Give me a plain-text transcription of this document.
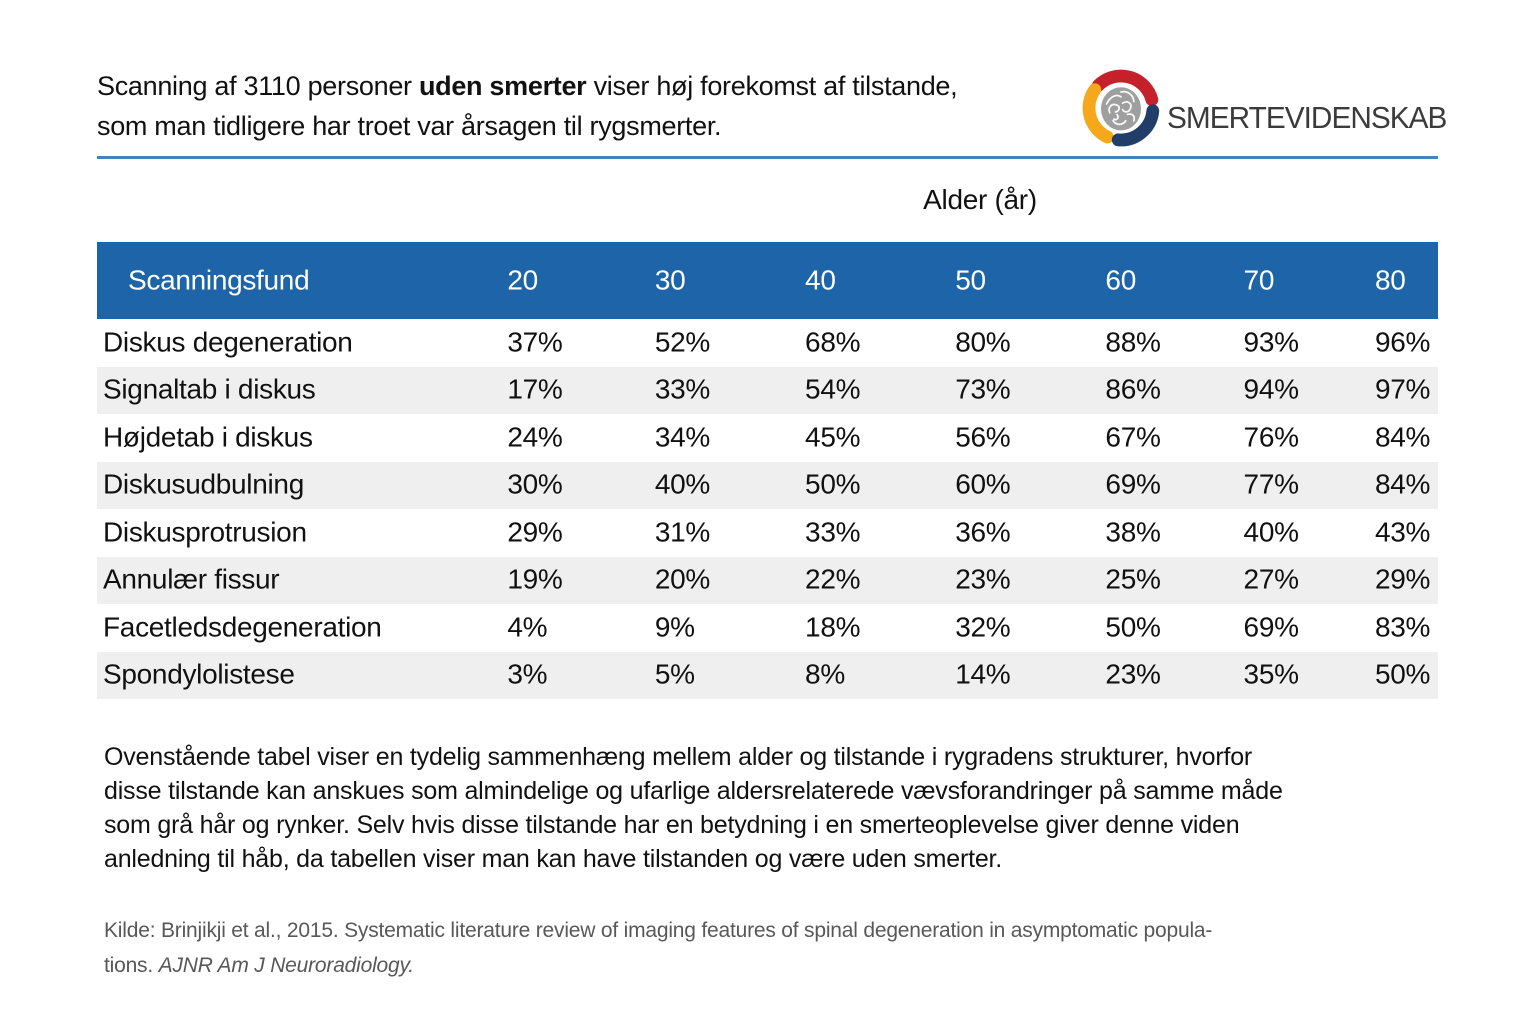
Scanning af 3110 personer uden smerter viser høj forekomst af tilstande,
som man tidligere har troet var årsagen til rygsmerter.	SMERTEVIDENSKAB
Alder (år)
Scanningsfund	20	30	40	50	60	70	80
Diskus degeneration	37%	52%	68%	80%	88%	93%	96%
Signaltab i diskus	17%	33%	54%	73%	86%	94%	97%
Højdetab i diskus	24%	34%	45%	56%	67%	76%	84%
Diskusudbulning	30%	40%	50%	60%	69%	77%	84%
Diskusprotrusion	29%	31%	33%	36%	38%	40%	43%
Annulær fissur	19%	20%	22%	23%	25%	27%	29%
Facetledsdegeneration	4%	9%	18%	32%	50%	69%	83%
Spondylolistese	3%	5%	8%	14%	23%	35%	50%
Ovenstående tabel viser en tydelig sammenhæng mellem alder og tilstande i rygradens strukturer, hvorfor
disse tilstande kan anskues som almindelige og ufarlige aldersrelaterede vævsforandringer på samme måde
som grå hår og rynker. Selv hvis disse tilstande har en betydning i en smerteoplevelse giver denne viden
anledning til håb, da tabellen viser man kan have tilstanden og være uden smerter.
Kilde: Brinjikji et al., 2015. Systematic literature review of imaging features of spinal degeneration in asymptomatic popula-
tions. AJNR Am J Neuroradiology.
